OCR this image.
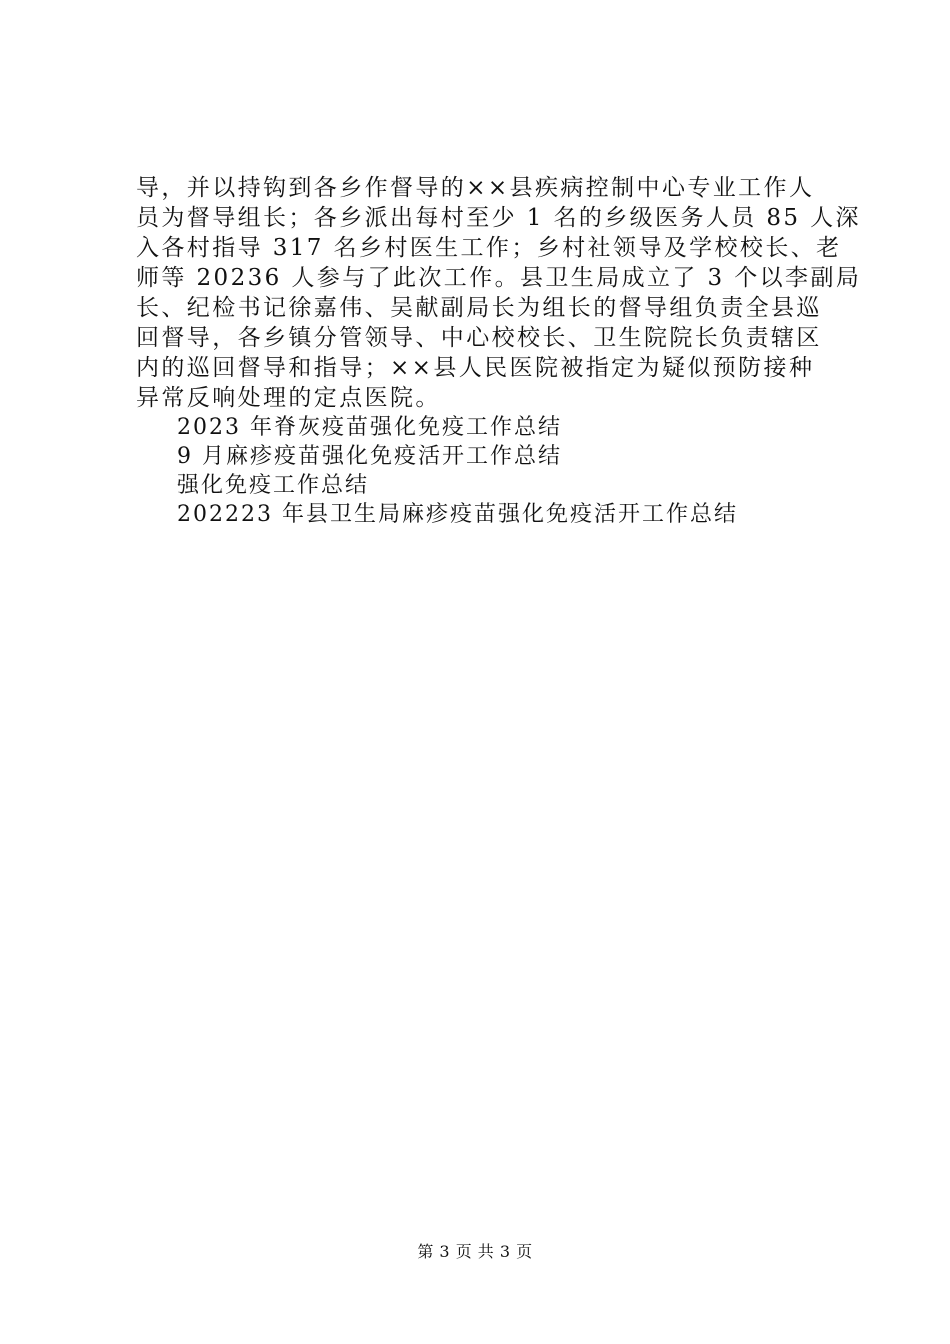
导，并以持钩到各乡作督导的××县疾病控制中心专业工作人
员为督导组长；各乡派出每村至少 1 名的乡级医务人员 85 人深
入各村指导 317 名乡村医生工作；乡村社领导及学校校长、老
师等 20236 人参与了此次工作。县卫生局成立了 3 个以李副局
长、纪检书记徐嘉伟、吴献副局长为组长的督导组负责全县巡
回督导，各乡镇分管领导、中心校校长、卫生院院长负责辖区
内的巡回督导和指导；××县人民医院被指定为疑似预防接种
异常反响处理的定点医院。
2023 年脊灰疫苗强化免疫工作总结
9 月麻疹疫苗强化免疫活开工作总结
强化免疫工作总结
202223 年县卫生局麻疹疫苗强化免疫活开工作总结
第 3 页 共 3 页
